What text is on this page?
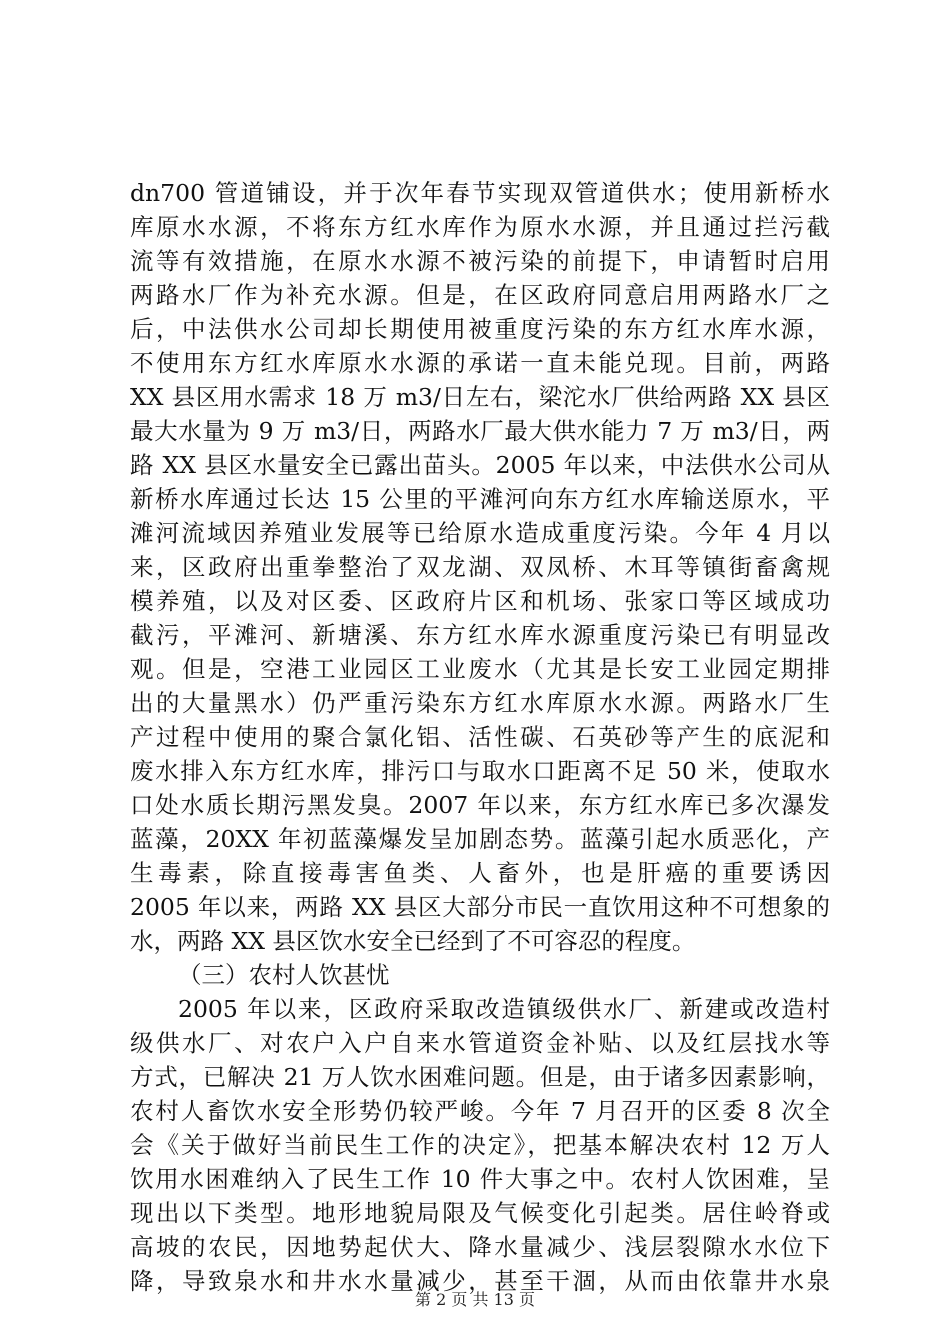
dn700 管道铺设，并于次年春节实现双管道供水；使用新桥水
库原水水源，不将东方红水库作为原水水源，并且通过拦污截
流等有效措施，在原水水源不被污染的前提下，申请暂时启用
两路水厂作为补充水源。但是，在区政府同意启用两路水厂之
后，中法供水公司却长期使用被重度污染的东方红水库水源，
不使用东方红水库原水水源的承诺一直未能兑现。目前，两路
XX 县区用水需求 18 万 m3/日左右，梁沱水厂供给两路 XX 县区
最大水量为 9 万 m3/日，两路水厂最大供水能力 7 万 m3/日，两
路 XX 县区水量安全已露出苗头。2005 年以来，中法供水公司从
新桥水库通过长达 15 公里的平滩河向东方红水库输送原水，平
滩河流域因养殖业发展等已给原水造成重度污染。今年 4 月以
来，区政府出重拳整治了双龙湖、双凤桥、木耳等镇街畜禽规
模养殖，以及对区委、区政府片区和机场、张家口等区域成功
截污，平滩河、新塘溪、东方红水库水源重度污染已有明显改
观。但是，空港工业园区工业废水（尤其是长安工业园定期排
出的大量黑水）仍严重污染东方红水库原水水源。两路水厂生
产过程中使用的聚合氯化铝、活性碳、石英砂等产生的底泥和
废水排入东方红水库，排污口与取水口距离不足 50 米，使取水
口处水质长期污黑发臭。2007 年以来，东方红水库已多次瀑发
蓝藻，20XX 年初蓝藻爆发呈加剧态势。蓝藻引起水质恶化，产
生毒素，除直接毒害鱼类、人畜外，也是肝癌的重要诱因
2005 年以来，两路 XX 县区大部分市民一直饮用这种不可想象的
水，两路 XX 县区饮水安全已经到了不可容忍的程度。
（三）农村人饮甚忧
2005 年以来，区政府采取改造镇级供水厂、新建或改造村
级供水厂、对农户入户自来水管道资金补贴、以及红层找水等
方式，已解决 21 万人饮水困难问题。但是，由于诸多因素影响，
农村人畜饮水安全形势仍较严峻。今年 7 月召开的区委 8 次全
会《关于做好当前民生工作的决定》，把基本解决农村 12 万人
饮用水困难纳入了民生工作 10 件大事之中。农村人饮困难，呈
现出以下类型。地形地貌局限及气候变化引起类。居住岭脊或
高坡的农民，因地势起伏大、降水量减少、浅层裂隙水水位下
降，导致泉水和井水水量减少，甚至干涸，从而由依靠井水泉
第 2 页 共 13 页
